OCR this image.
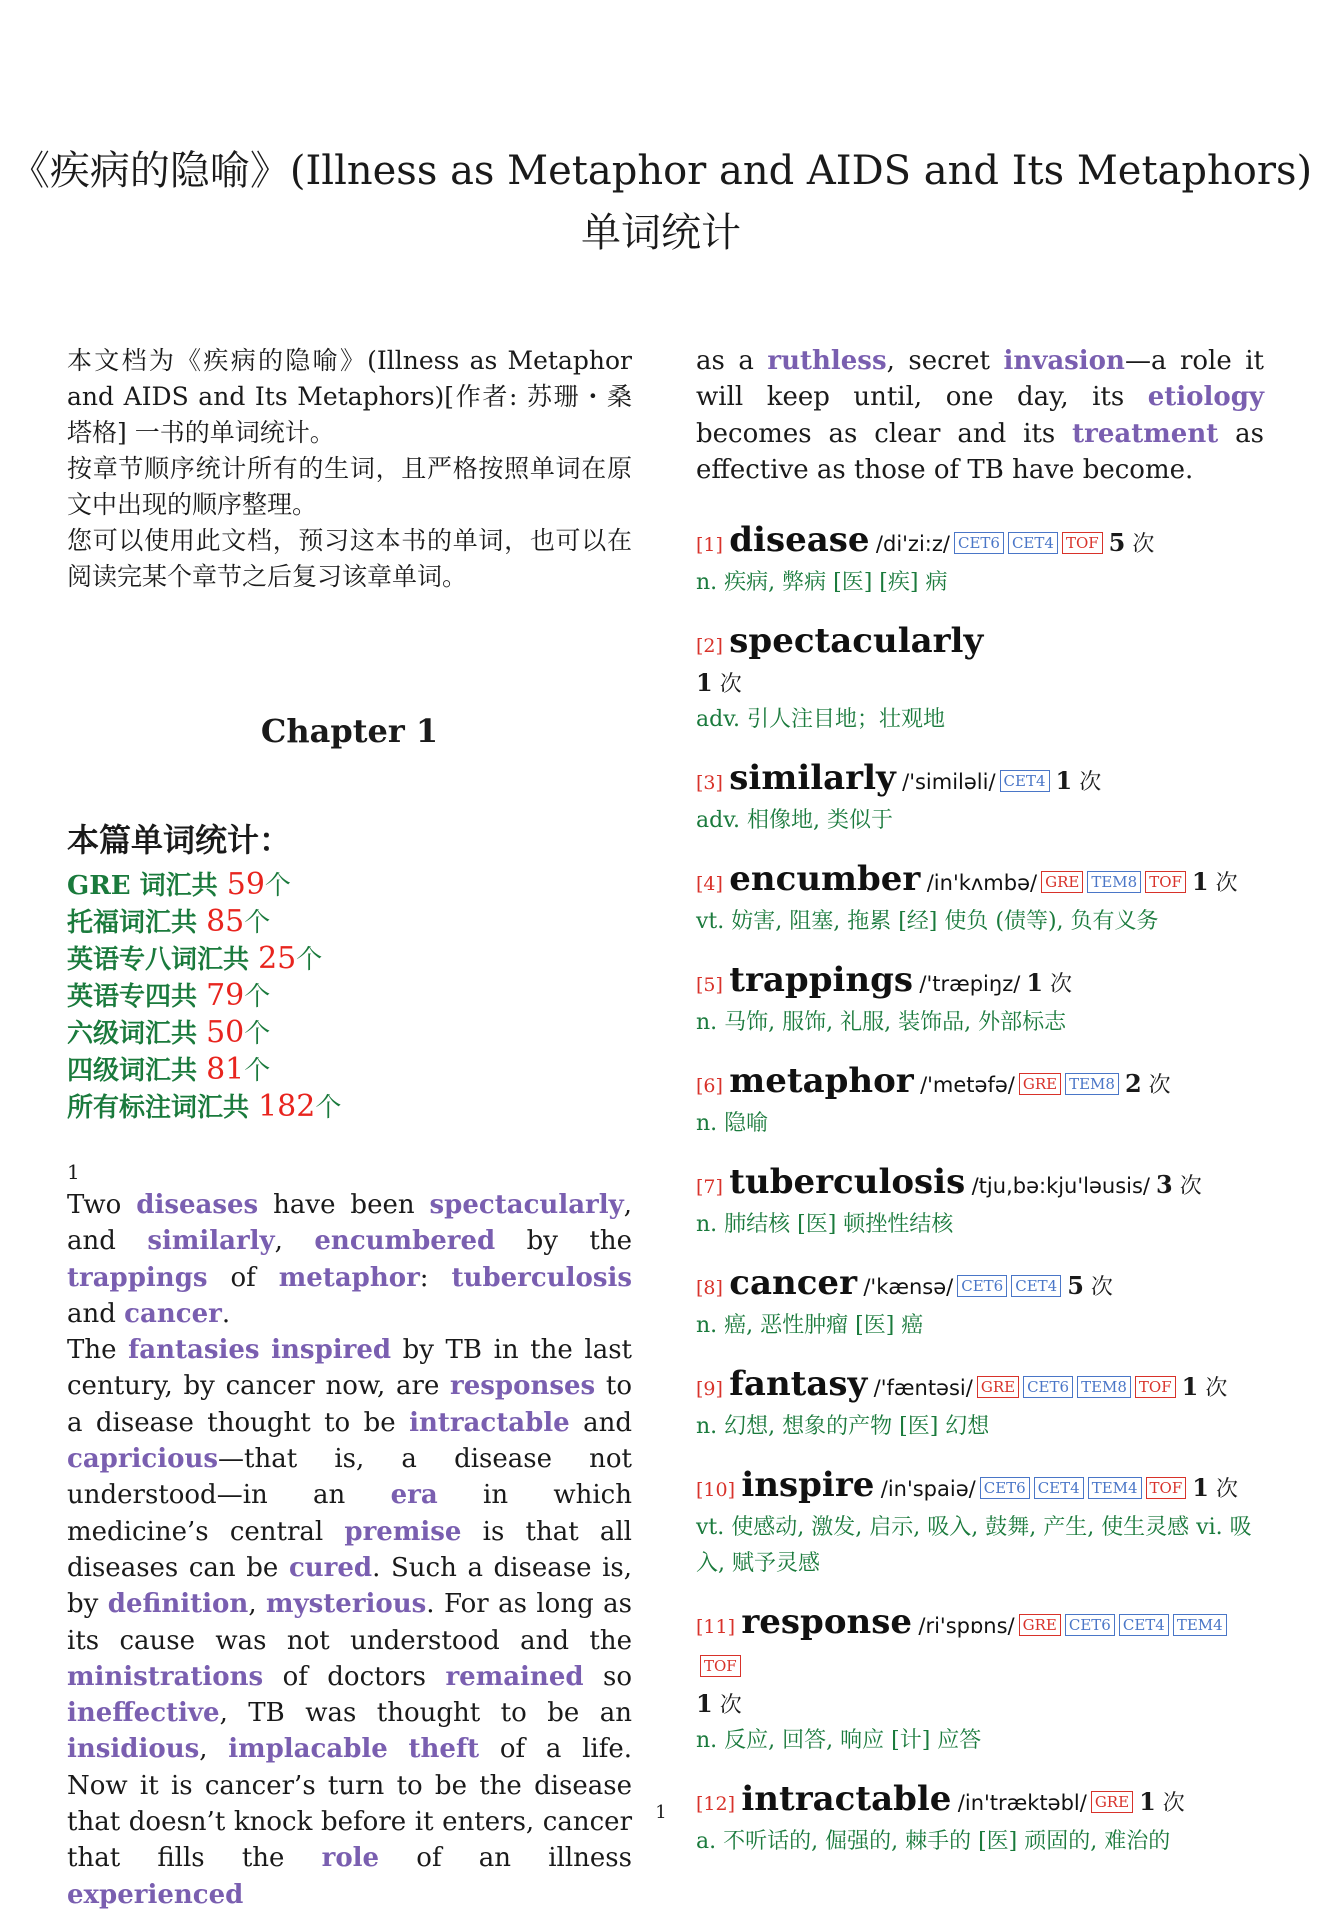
《疾病的隐喻》(Illness as Metaphor and AIDS and Its Metaphors)
单词统计

本文档为《疾病的隐喻》(Illness as Metaphor and AIDS and Its Metaphors)[作者: 苏珊・桑塔格] 一书的单词统计。

按章节顺序统计所有的生词，且严格按照单词在原文中出现的顺序整理。

您可以使用此文档，预习这本书的单词，也可以在阅读完某个章节之后复习该章单词。

Chapter 1
本篇单词统计：
GRE 词汇共 59个
托福词汇共 85个
英语专八词汇共 25个
英语专四共 79个
六级词汇共 50个
四级词汇共 81个
所有标注词汇共 182个
1

Two diseases have been spectacularly, and similarly, encumbered by the trappings of metaphor: tuberculosis and cancer.

The fantasies inspired by TB in the last century, by cancer now, are responses to a disease thought to be intractable and capricious—that is, a disease not understood—in an era in which medicine’s central premise is that all diseases can be cured. Such a disease is, by definition, mysterious. For as long as its cause was not understood and the ministrations of doctors remained so ineffective, TB was thought to be an insidious, implacable theft of a life. Now it is cancer’s turn to be the disease that doesn’t knock before it enters, cancer that fills the role of an illness experienced

as a ruthless, secret invasion—a role it will keep until, one day, its etiology becomes as clear and its treatment as effective as those of TB have become.

[1] disease /di'zi:z/ CET6 CET4 TOF 5 次
n. 疾病, 弊病 [医] [疾] 病
[2] spectacularly
1 次
adv. 引人注目地；壮观地
[3] similarly /'similəli/ CET4 1 次
adv. 相像地, 类似于
[4] encumber /in'kʌmbə/ GRE TEM8 TOF 1 次
vt. 妨害, 阻塞, 拖累 [经] 使负 (债等), 负有义务
[5] trappings /'træpiŋz/ 1 次
n. 马饰, 服饰, 礼服, 装饰品, 外部标志
[6] metaphor /'metəfə/ GRE TEM8 2 次
n. 隐喻
[7] tuberculosis /tju,bə:kju'ləusis/ 3 次
n. 肺结核 [医] 顿挫性结核
[8] cancer /'kænsə/ CET6 CET4 5 次
n. 癌, 恶性肿瘤 [医] 癌
[9] fantasy /'fæntəsi/ GRE CET6 TEM8 TOF 1 次
n. 幻想, 想象的产物 [医] 幻想
[10] inspire /in'spaiə/ CET6 CET4 TEM4 TOF 1 次
vt. 使感动, 激发, 启示, 吸入, 鼓舞, 产生, 使生灵感 vi. 吸入, 赋予灵感
[11] response /ri'spɒns/ GRE CET6 CET4 TEM4TOF
1 次
n. 反应, 回答, 响应 [计] 应答
[12] intractable /in'træktəbl/ GRE 1 次
a. 不听话的, 倔强的, 棘手的 [医] 顽固的, 难治的
1
